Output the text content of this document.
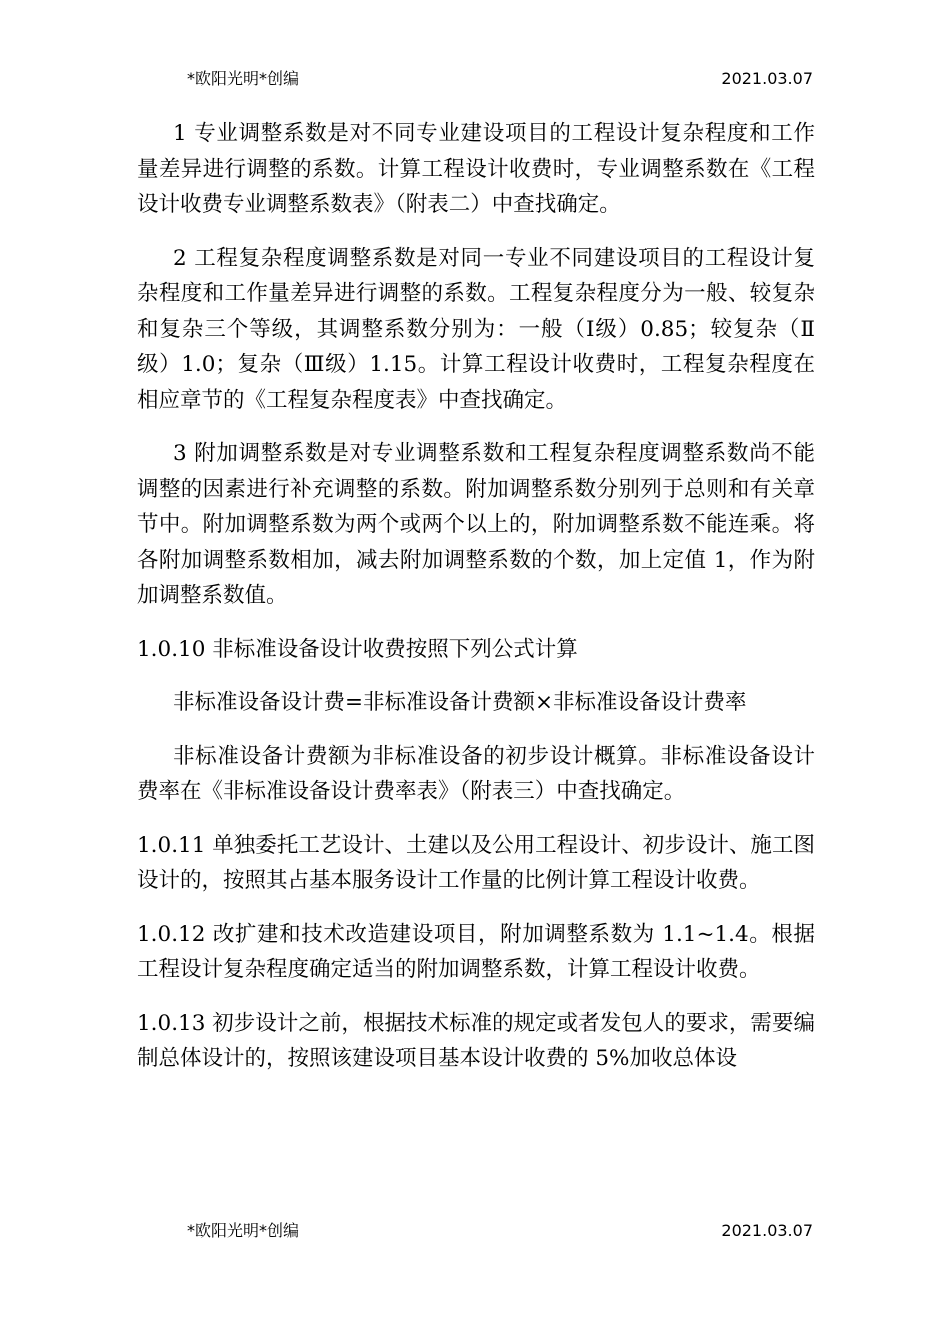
*欧阳光明*创编	2021.03.07

1 专业调整系数是对不同专业建设项目的工程设计复杂程度和工作量差异进行调整的系数。计算工程设计收费时，专业调整系数在《工程设计收费专业调整系数表》（附表二）中查找确定。

2 工程复杂程度调整系数是对同一专业不同建设项目的工程设计复杂程度和工作量差异进行调整的系数。工程复杂程度分为一般、较复杂和复杂三个等级，其调整系数分别为：一般（Ⅰ级）0.85；较复杂（Ⅱ级）1.0；复杂（Ⅲ级）1.15。计算工程设计收费时，工程复杂程度在相应章节的《工程复杂程度表》中查找确定。

3 附加调整系数是对专业调整系数和工程复杂程度调整系数尚不能调整的因素进行补充调整的系数。附加调整系数分别列于总则和有关章节中。附加调整系数为两个或两个以上的，附加调整系数不能连乘。将各附加调整系数相加，减去附加调整系数的个数，加上定值 1，作为附加调整系数值。

1.0.10 非标准设备设计收费按照下列公式计算

非标准设备设计费=非标准设备计费额×非标准设备设计费率

非标准设备计费额为非标准设备的初步设计概算。非标准设备设计费率在《非标准设备设计费率表》（附表三）中查找确定。

1.0.11 单独委托工艺设计、土建以及公用工程设计、初步设计、施工图设计的，按照其占基本服务设计工作量的比例计算工程设计收费。

1.0.12 改扩建和技术改造建设项目，附加调整系数为 1.1~1.4。根据工程设计复杂程度确定适当的附加调整系数，计算工程设计收费。

1.0.13 初步设计之前，根据技术标准的规定或者发包人的要求，需要编制总体设计的，按照该建设项目基本设计收费的 5%加收总体设

*欧阳光明*创编	2021.03.07
